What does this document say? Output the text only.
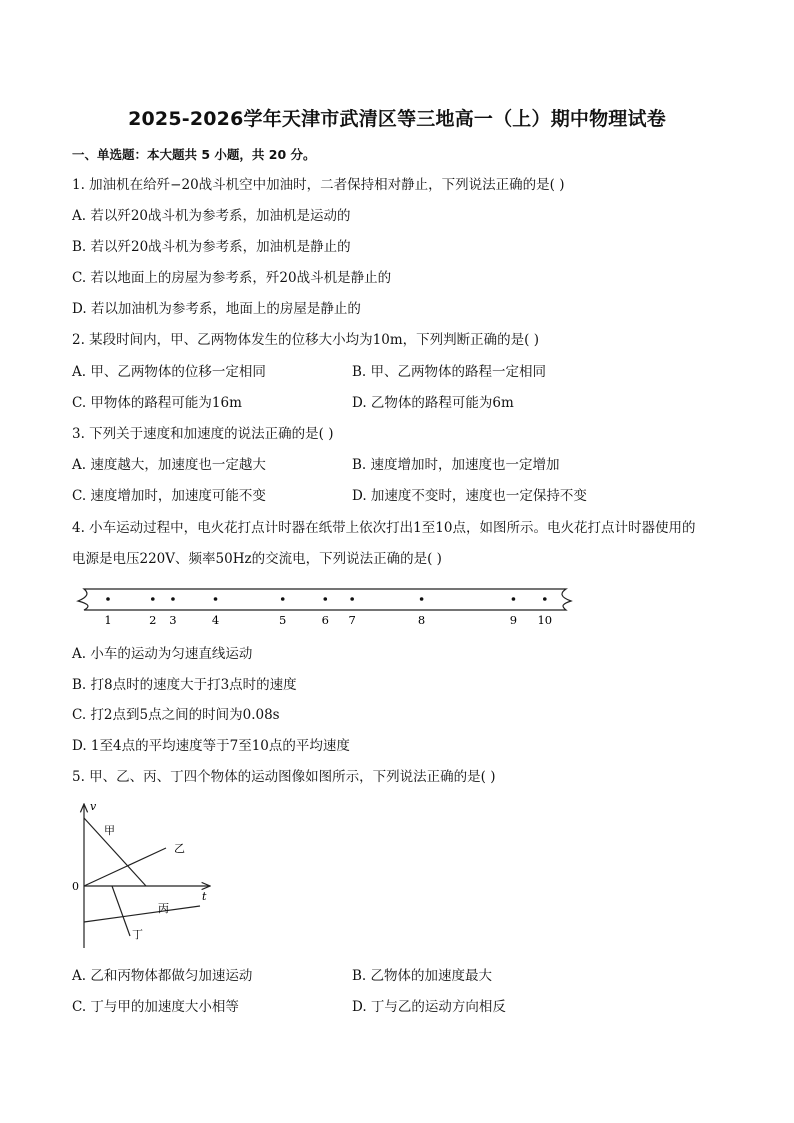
2025-2026学年天津市武清区等三地高一（上）期中物理试卷
一、单选题：本大题共 5 小题，共 20 分。
1. 加油机在给歼−20战斗机空中加油时，二者保持相对静止，下列说法正确的是( )
A. 若以歼20战斗机为参考系，加油机是运动的
B. 若以歼20战斗机为参考系，加油机是静止的
C. 若以地面上的房屋为参考系，歼20战斗机是静止的
D. 若以加油机为参考系，地面上的房屋是静止的
2. 某段时间内，甲、乙两物体发生的位移大小均为10m，下列判断正确的是( )
A. 甲、乙两物体的位移一定相同	B. 甲、乙两物体的路程一定相同
C. 甲物体的路程可能为16m	D. 乙物体的路程可能为6m
3. 下列关于速度和加速度的说法正确的是( )
A. 速度越大，加速度也一定越大	B. 速度增加时，加速度也一定增加
C. 速度增加时，加速度可能不变	D. 加速度不变时，速度也一定保持不变
4. 小车运动过程中，电火花打点计时器在纸带上依次打出1至10点，如图所示。电火花打点计时器使用的
电源是电压220V、频率50Hz的交流电，下列说法正确的是( )
1	2 3	4	5	6 7	8	9 10
A. 小车的运动为匀速直线运动
B. 打8点时的速度大于打3点时的速度
C. 打2点到5点之间的时间为0.08s
D. 1至4点的平均速度等于7至10点的平均速度
5. 甲、乙、丙、丁四个物体的运动图像如图所示，下列说法正确的是( )
v
t
0
甲
乙
丙
丁
A. 乙和丙物体都做匀加速运动	B. 乙物体的加速度最大
C. 丁与甲的加速度大小相等	D. 丁与乙的运动方向相反
